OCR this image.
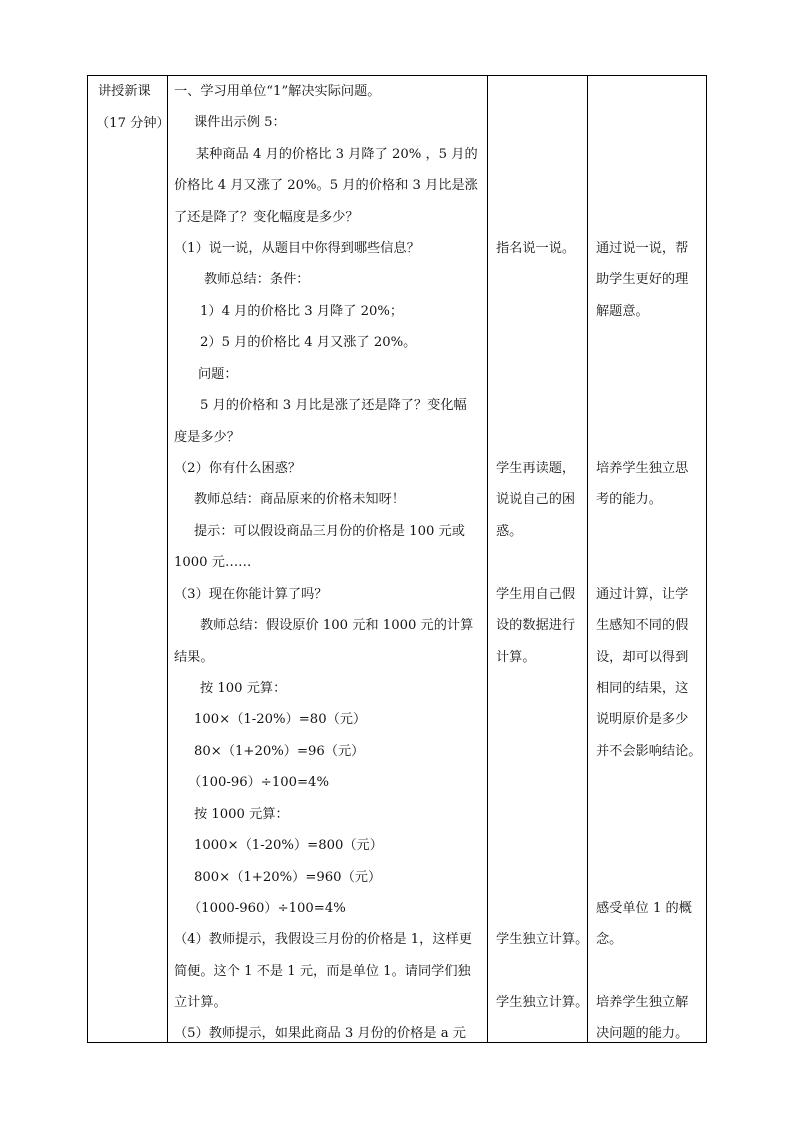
讲授新课
（17 分钟）
一、学习用单位“1”解决实际问题。
课件出示例 5：
某种商品 4 月的价格比 3 月降了 20% ，5 月的
价格比 4 月又涨了 20%。5 月的价格和 3 月比是涨
了还是降了？变化幅度是多少？
（1）说一说，从题目中你得到哪些信息？
教师总结：条件：
1）4 月的价格比 3 月降了 20%；
2）5 月的价格比 4 月又涨了 20%。
问题：
5 月的价格和 3 月比是涨了还是降了？变化幅
度是多少？
（2）你有什么困惑？
教师总结：商品原来的价格未知呀！
提示：可以假设商品三月份的价格是 100 元或
1000 元……
（3）现在你能计算了吗？
教师总结：假设原价 100 元和 1000 元的计算
结果。
按 100 元算：
100×（1-20%）=80（元）
80×（1+20%）=96（元）
（100-96）÷100=4%
按 1000 元算：
1000×（1-20%）=800（元）
800×（1+20%）=960（元）
（1000-960）÷100=4%
（4）教师提示，我假设三月份的价格是 1，这样更
简便。这个 1 不是 1 元，而是单位 1。请同学们独
立计算。
（5）教师提示，如果此商品 3 月份的价格是 a 元
指名说一说。
学生再读题，
说说自己的困
惑。
学生用自己假
设的数据进行
计算。
学生独立计算。
学生独立计算。
通过说一说，帮
助学生更好的理
解题意。
培养学生独立思
考的能力。
通过计算，让学
生感知不同的假
设，却可以得到
相同的结果，这
说明原价是多少
并不会影响结论。
感受单位 1 的概
念。
培养学生独立解
决问题的能力。
